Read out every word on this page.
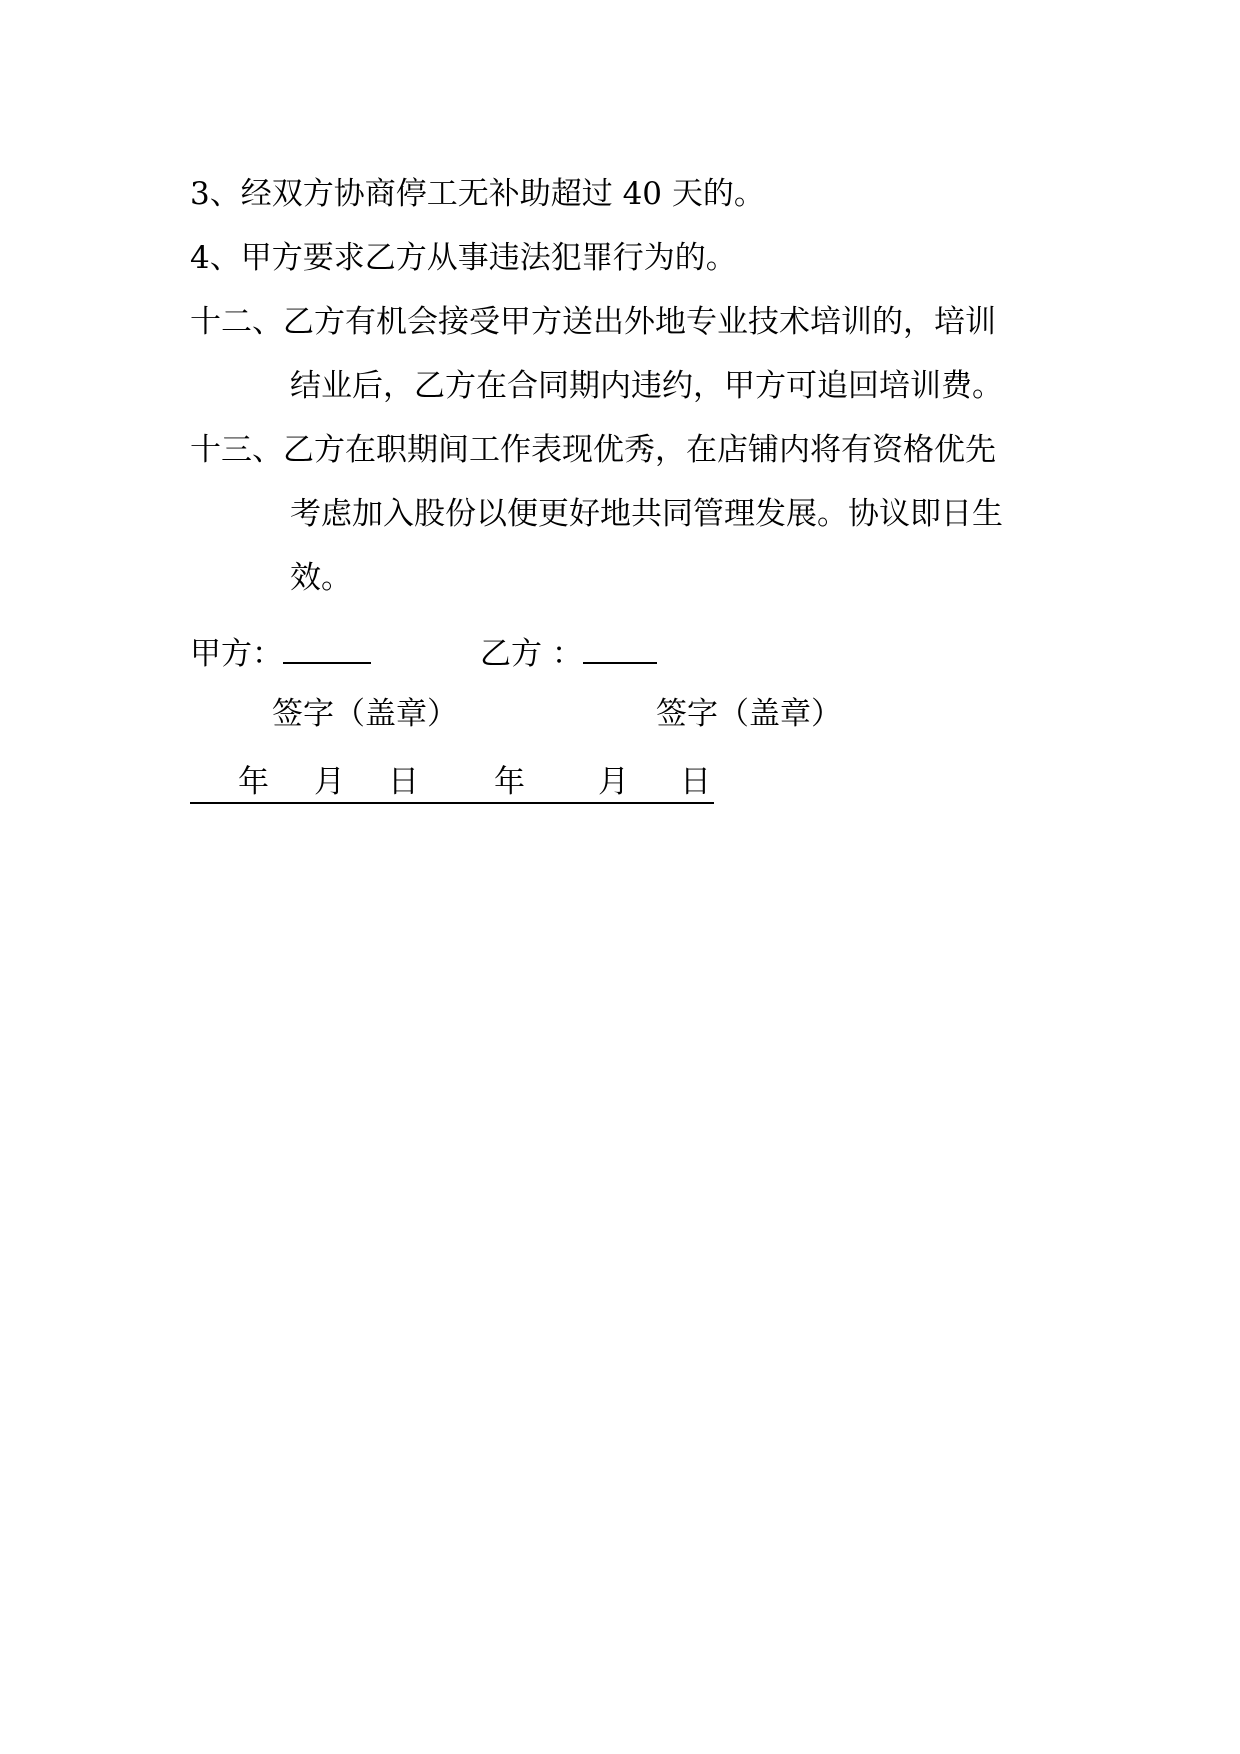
3、经双方协商停工无补助超过 40 天的。
4、甲方要求乙方从事违法犯罪行为的。
十二、乙方有机会接受甲方送出外地专业技术培训的，培训
结业后，乙方在合同期内违约，甲方可追回培训费。
十三、乙方在职期间工作表现优秀，在店铺内将有资格优先
考虑加入股份以便更好地共同管理发展。协议即日生
效。
甲方：	乙方 ：
签字（盖章）	签字（盖章）
年 月 日 年 月 日
